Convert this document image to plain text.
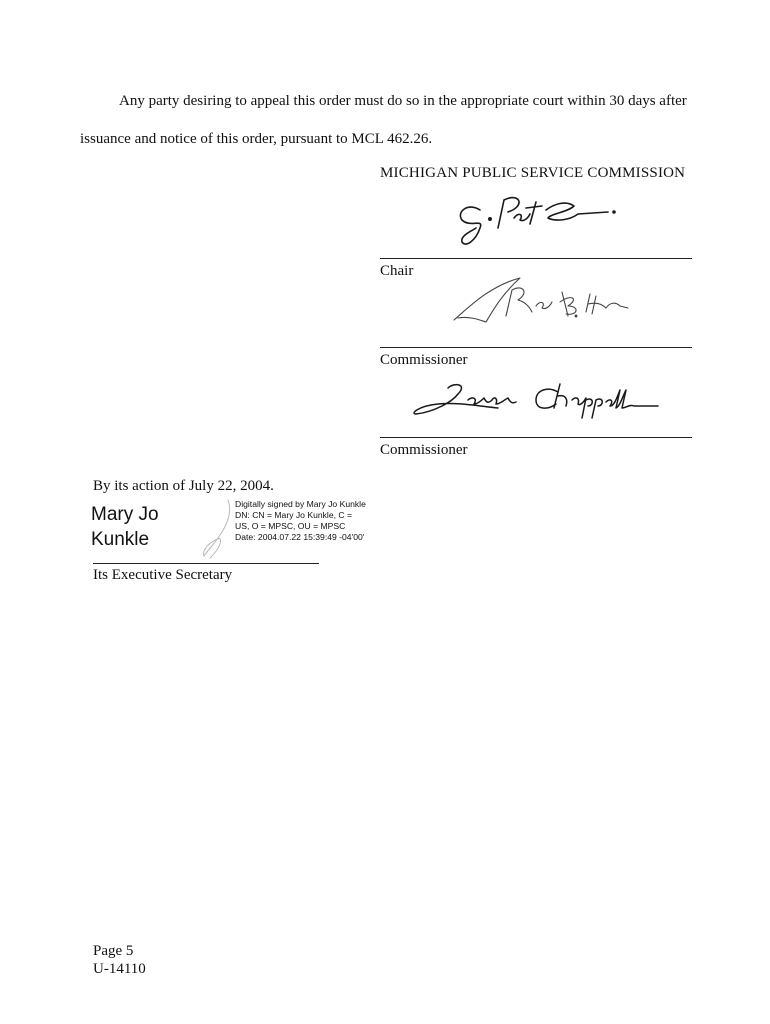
Any party desiring to appeal this order must do so in the appropriate court within 30 days after
issuance and notice of this order, pursuant to MCL 462.26.
MICHIGAN PUBLIC SERVICE COMMISSION
Chair
Commissioner
Commissioner
By its action of July 22, 2004.
Mary Jo
Kunkle
Digitally signed by Mary Jo Kunkle
DN: CN = Mary Jo Kunkle, C =
US, O = MPSC, OU = MPSC
Date: 2004.07.22 15:39:49 -04'00'
Its Executive Secretary
Page 5
U-14110
